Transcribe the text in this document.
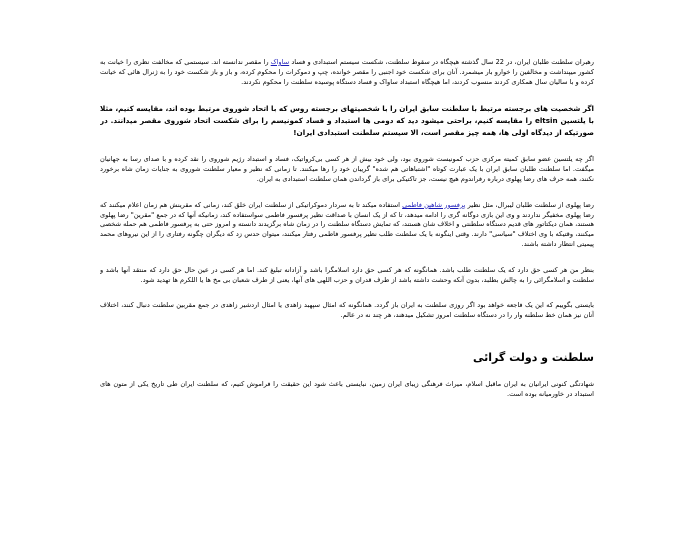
رهبران سلطنت طلبان ایران، در 22 سال گذشته هیچگاه در سقوط سلطنت، شکست سیستم استبدادی و فساد ساواک را مقصر ندانسته اند. سیستمی که مخالفت نظری را خیانت به کشور میپنداشت و مخالفین را خوارو بار میشمرد. آنان برای شکست خود اجنبی را مقصر خوانده، چپ و دموکرات را محکوم کرده، و باز و باز شکست خود را به ژنرال هائی که خیانت کرده و با سالیان سال همکاری کردند منسوب کردند، اما هیچگاه استبداد ساواک و فساد دستگاه پوسیده سلطنت را محکوم نکردند.

اگر شخصیت های برجسته مرتبط با سلطنت سابق ایران را با شخصیتهای برجسته روس که با اتحاد شوروی مرتبط بوده اند، مقایسه کنیم، مثلا با یلتسین eltsin را مقایسه کنیم، براحتی میشود دید که دومی ها استبداد و فساد کمونیسم را برای شکست اتحاد شوروی مقصر میدانند. در صورتیکه از دیدگاه اولی ها، همه چیز مقصر است، الا سیستم سلطنت استبدادی ایران!

اگر چه یلتسین عضو سابق کمیته مرکزی حزب کمونیست شوروی بود، ولی خود بیش از هر کسی بی‌کرواتیک، فساد و استبداد رژیم شوروی را نقد کرده و با صدای رسا به جهانیان میگفت. اما سلطنت طلبان سابق ایران با یک عبارت کوتاه "اشتباهاتی هم شده" گریبان خود را رها میکنند. تا زمانی که نظیر و معیار سلطنت شوروی به جنایات زمان شاه برخورد نکنند، همه حرف های رضا پهلوی درباره رفراندوم هیچ نیست، جز تاکتیکی برای باز گرداندن همان سلطنت استبدادی به ایران.

رضا پهلوی از سلطنت طلبان لیبرال، مثل نظیر پرفسور شاهین فاطمی استفاده میکند تا به سردار دموکراتیکی از سلطنت ایران خلق کند، زمانی که مقرینش هم زمان اعلام میکنند که رضا پهلوی مخفیگر نداردند و وی این بازی دوگانه گری را ادامه میدهد، تا که از یک انسان با صداقت نظیر پرفسور فاطمی سواستفاده کند، زمانیکه آنها که در جمع "مقرین" رضا پهلوی هستند، همان دیکتاتور های قدیم دستگاه سلطنتی و اخلاف شان هستند، که تمایش دستگاه سلطنت را در زمان شاه برگزیدند دانسته و امروز حتی به پرفسور فاطمی هم حمله شخصی میکنند، وقتیکه با وی اختلاف "سیاسی" دارند. وقتی اینگونه با یک سلطنت طلب نظیر پرفسور فاطمی رفتار میکنند، میتوان حدس زد که دیگران چگونه رفتاری را از این نیروهای محمد پیمیتی انتظار داشته باشند.

بنظر من هر کسی حق دارد که یک سلطنت طلب باشد. همانگونه که هر کسی حق دارد اسلامگرا باشد و آزادانه تبلیغ کند. اما هر کسی در عین حال حق دارد که منتقد آنها باشد و سلطنت و اسلامگرائی را به چالش بطلبد، بدون آنکه وحشت داشته باشد از طرف قدران و حزب اللهی های آنها، یعنی از طرف شعبان بی مخ ها یا اللکرم ها تهدید شود.

بایستی بگوییم که این یک فاجعه خواهد بود اگر روزی سلطنت به ایران باز گردد. همانگونه که امثال سپهبد زاهدی یا امثال اردشیر زاهدی در جمع مقربین سلطنت دنبال کنند، اختلاف آنان نیز همان خط سلطنه وار را در دستگاه سلطنت امروز تشکیل میدهند، هر چند نه در عالم.

سلطنت و دولت گرائی

شهادتگی کنونی ایرانیان به ایران ماقبل اسلام، میراث فرهنگی زیبای ایران زمین، نبایستی باعث شود این حقیقت را فراموش کنیم، که سلطنت ایران طی تاریخ یکی از متون های استبداد در خاورمیانه بوده است.
